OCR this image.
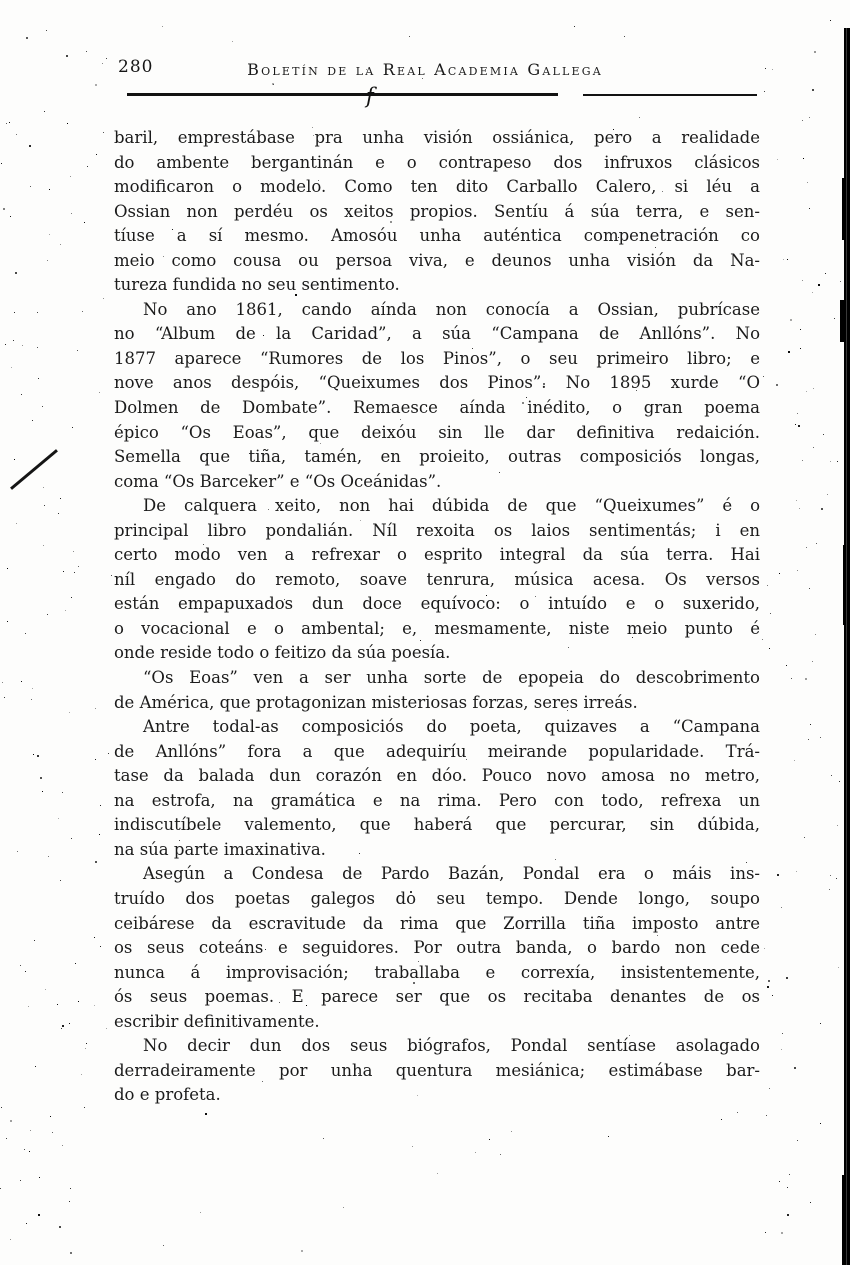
280	Boletín de la Real Academia Gallega
f
baril, emprestábase pra unha visión ossiánica, pero a realidade
do ambente bergantinán e o contrapeso dos infruxos clásicos
modificaron o modelo. Como ten dito Carballo Calero, si léu a
Ossian non perdéu os xeitos propios. Sentíu á súa terra, e sen-
tíuse a sí mesmo. Amosóu unha auténtica compenetración co
meio como cousa ou persoa viva, e deunos unha visión da Na-
tureza fundida no seu sentimento.
No ano 1861, cando aínda non conocía a Ossian, pubrícase
no “Album de la Caridad”, a súa “Campana de Anllóns”. No
1877 aparece “Rumores de los Pinos”, o seu primeiro libro; e
nove anos despóis, “Queixumes dos Pinos”. No 1895 xurde “O
Dolmen de Dombate”. Remaesce aínda inédito, o gran poema
épico “Os Eoas”, que deixóu sin lle dar definitiva redaición.
Semella que tiña, tamén, en proieito, outras composiciós longas,
coma “Os Barceker” e “Os Oceánidas”.
De calquera xeito, non hai dúbida de que “Queixumes” é o
principal libro pondalián. Níl rexoita os laios sentimentás; i en
certo modo ven a refrexar o esprito integral da súa terra. Hai
níl engado do remoto, soave tenrura, música acesa. Os versos
están empapuxados dun doce equívoco: o intuído e o suxerido,
o vocacional e o ambental; e, mesmamente, niste meio punto é
onde reside todo o feitizo da súa poesía.
“Os Eoas” ven a ser unha sorte de epopeia do descobrimento
de América, que protagonizan misteriosas forzas, seres irreás.
Antre todal-as composiciós do poeta, quizaves a “Campana
de Anllóns” fora a que adequiríu meirande popularidade. Trá-
tase da balada dun corazón en dóo. Pouco novo amosa no metro,
na estrofa, na gramática e na rima. Pero con todo, refrexa un
indiscutíbele valemento, que haberá que percurar, sin dúbida,
na súa parte imaxinativa.
Asegún a Condesa de Pardo Bazán, Pondal era o máis ins-
truído dos poetas galegos do seu tempo. Dende longo, soupo
ceibárese da escravitude da rima que Zorrilla tiña imposto antre
os seus coteáns e seguidores. Por outra banda, o bardo non cede
nunca á improvisación; traballaba e correxía, insistentemente,
ós seus poemas. E parece ser que os recitaba denantes de os
escribir definitivamente.
No decir dun dos seus biógrafos, Pondal sentíase asolagado
derradeiramente por unha quentura mesiánica; estimábase bar-
do e profeta.
